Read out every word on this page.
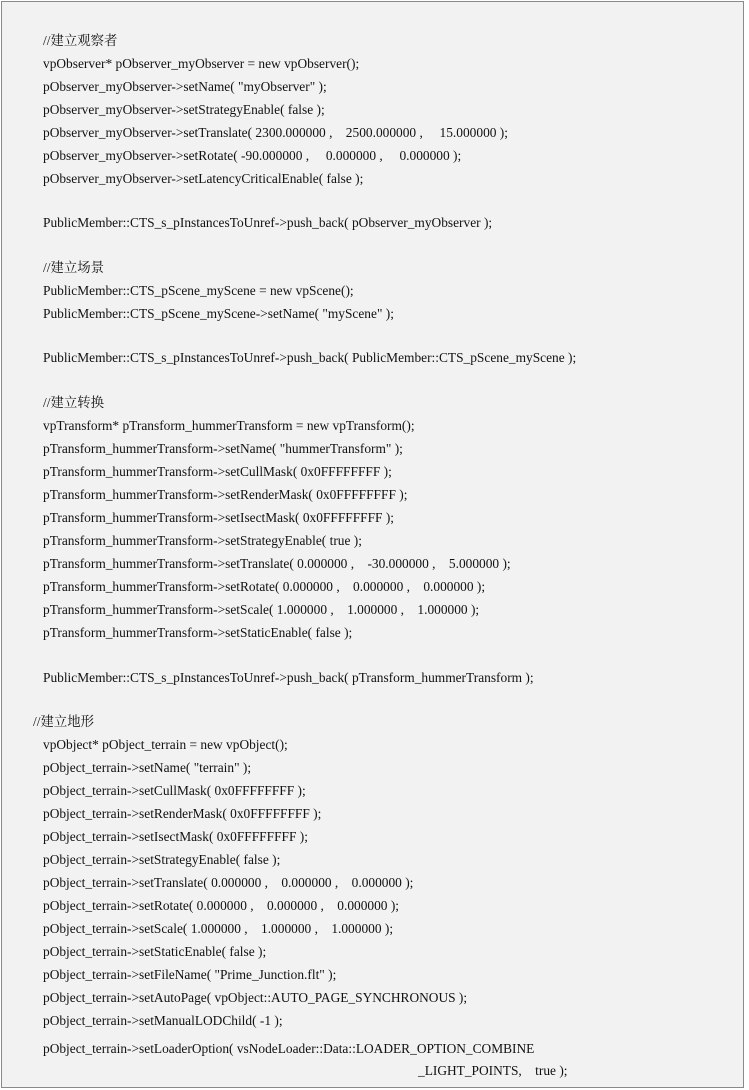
//建立观察者
vpObserver* pObserver_myObserver = new vpObserver();
pObserver_myObserver->setName( "myObserver" );
pObserver_myObserver->setStrategyEnable( false );
pObserver_myObserver->setTranslate( 2300.000000 ,    2500.000000 ,     15.000000 );
pObserver_myObserver->setRotate( -90.000000 ,     0.000000 ,     0.000000 );
pObserver_myObserver->setLatencyCriticalEnable( false );
PublicMember::CTS_s_pInstancesToUnref->push_back( pObserver_myObserver );
//建立场景
PublicMember::CTS_pScene_myScene = new vpScene();
PublicMember::CTS_pScene_myScene->setName( "myScene" );
PublicMember::CTS_s_pInstancesToUnref->push_back( PublicMember::CTS_pScene_myScene );
//建立转换
vpTransform* pTransform_hummerTransform = new vpTransform();
pTransform_hummerTransform->setName( "hummerTransform" );
pTransform_hummerTransform->setCullMask( 0x0FFFFFFFF );
pTransform_hummerTransform->setRenderMask( 0x0FFFFFFFF );
pTransform_hummerTransform->setIsectMask( 0x0FFFFFFFF );
pTransform_hummerTransform->setStrategyEnable( true );
pTransform_hummerTransform->setTranslate( 0.000000 ,    -30.000000 ,    5.000000 );
pTransform_hummerTransform->setRotate( 0.000000 ,    0.000000 ,    0.000000 );
pTransform_hummerTransform->setScale( 1.000000 ,    1.000000 ,    1.000000 );
pTransform_hummerTransform->setStaticEnable( false );
PublicMember::CTS_s_pInstancesToUnref->push_back( pTransform_hummerTransform );
//建立地形
vpObject* pObject_terrain = new vpObject();
pObject_terrain->setName( "terrain" );
pObject_terrain->setCullMask( 0x0FFFFFFFF );
pObject_terrain->setRenderMask( 0x0FFFFFFFF );
pObject_terrain->setIsectMask( 0x0FFFFFFFF );
pObject_terrain->setStrategyEnable( false );
pObject_terrain->setTranslate( 0.000000 ,    0.000000 ,    0.000000 );
pObject_terrain->setRotate( 0.000000 ,    0.000000 ,    0.000000 );
pObject_terrain->setScale( 1.000000 ,    1.000000 ,    1.000000 );
pObject_terrain->setStaticEnable( false );
pObject_terrain->setFileName( "Prime_Junction.flt" );
pObject_terrain->setAutoPage( vpObject::AUTO_PAGE_SYNCHRONOUS );
pObject_terrain->setManualLODChild( -1 );
pObject_terrain->setLoaderOption( vsNodeLoader::Data::LOADER_OPTION_COMBINE
_LIGHT_POINTS,    true );
